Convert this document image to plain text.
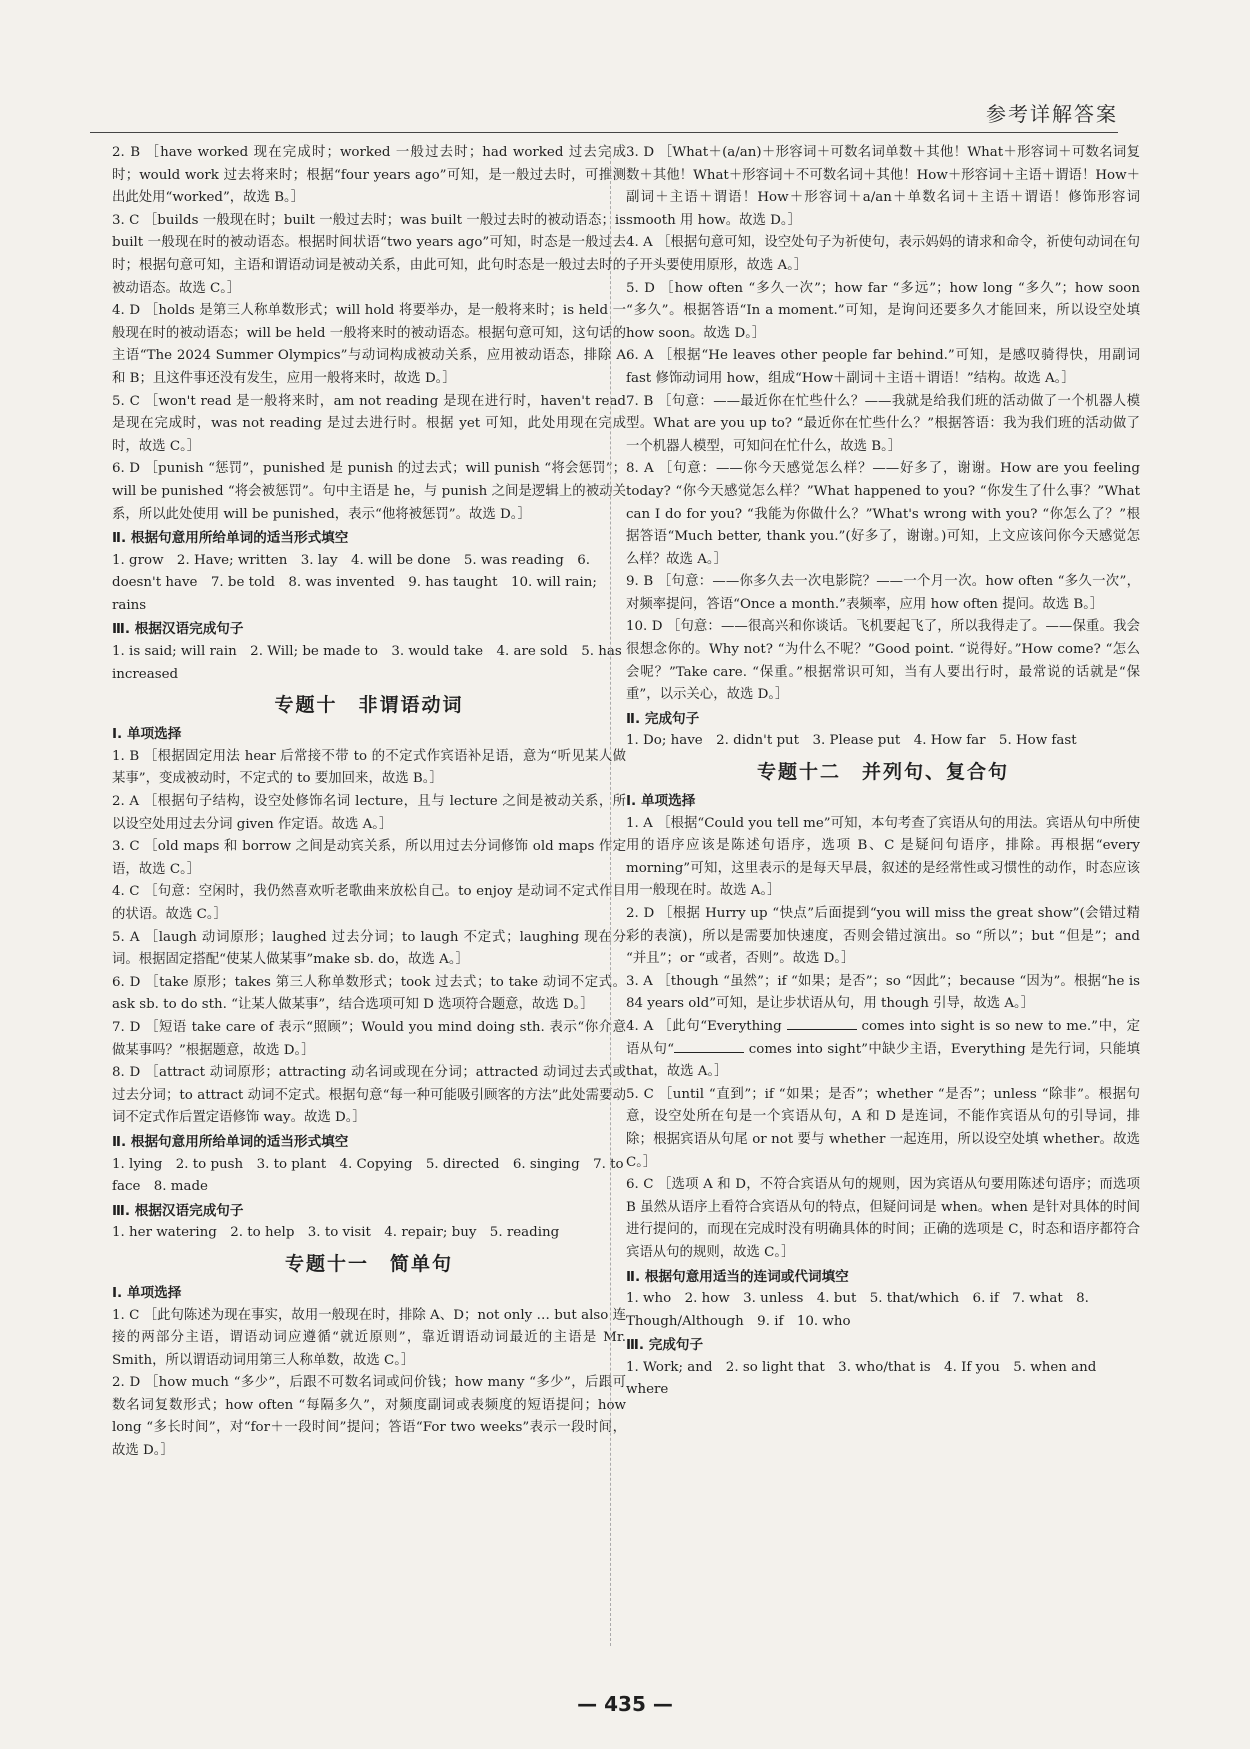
参考详解答案

2. B ［have worked 现在完成时；worked 一般过去时；had worked 过去完成时；would work 过去将来时；根据“four years ago”可知，是一般过去时，可推测出此处用“worked”，故选 B。］

3. C ［builds 一般现在时；built 一般过去时；was built 一般过去时的被动语态；is built 一般现在时的被动语态。根据时间状语“two years ago”可知，时态是一般过去时；根据句意可知，主语和谓语动词是被动关系，由此可知，此句时态是一般过去时的被动语态。故选 C。］

4. D ［holds 是第三人称单数形式；will hold 将要举办，是一般将来时；is held 一般现在时的被动语态；will be held 一般将来时的被动语态。根据句意可知，这句话的主语“The 2024 Summer Olympics”与动词构成被动关系，应用被动语态，排除 A 和 B；且这件事还没有发生，应用一般将来时，故选 D。］

5. C ［won't read 是一般将来时，am not reading 是现在进行时，haven't read 是现在完成时，was not reading 是过去进行时。根据 yet 可知，此处用现在完成时，故选 C。］

6. D ［punish “惩罚”，punished 是 punish 的过去式；will punish “将会惩罚”；will be punished “将会被惩罚”。句中主语是 he，与 punish 之间是逻辑上的被动关系，所以此处使用 will be punished，表示“他将被惩罚”。故选 D。］

Ⅱ. 根据句意用所给单词的适当形式填空

1. grow　2. Have; written　3. lay　4. will be done　5. was reading　6. doesn't have　7. be told　8. was invented　9. has taught　10. will rain; rains

Ⅲ. 根据汉语完成句子

1. is said; will rain　2. Will; be made to　3. would take　4. are sold　5. has increased

专题十　非谓语动词

Ⅰ. 单项选择

1. B ［根据固定用法 hear 后常接不带 to 的不定式作宾语补足语，意为“听见某人做某事”，变成被动时，不定式的 to 要加回来，故选 B。］

2. A ［根据句子结构，设空处修饰名词 lecture，且与 lecture 之间是被动关系，所以设空处用过去分词 given 作定语。故选 A。］

3. C ［old maps 和 borrow 之间是动宾关系，所以用过去分词修饰 old maps 作定语，故选 C。］

4. C ［句意：空闲时，我仍然喜欢听老歌曲来放松自己。to enjoy 是动词不定式作目的状语。故选 C。］

5. A ［laugh 动词原形；laughed 过去分词；to laugh 不定式；laughing 现在分词。根据固定搭配“使某人做某事”make sb. do，故选 A。］

6. D ［take 原形；takes 第三人称单数形式；took 过去式；to take 动词不定式。ask sb. to do sth. “让某人做某事”，结合选项可知 D 选项符合题意，故选 D。］

7. D ［短语 take care of 表示“照顾”；Would you mind doing sth. 表示“你介意做某事吗？”根据题意，故选 D。］

8. D ［attract 动词原形；attracting 动名词或现在分词；attracted 动词过去式或过去分词；to attract 动词不定式。根据句意“每一种可能吸引顾客的方法”此处需要动词不定式作后置定语修饰 way。故选 D。］

Ⅱ. 根据句意用所给单词的适当形式填空

1. lying　2. to push　3. to plant　4. Copying　5. directed　6. singing　7. to face　8. made

Ⅲ. 根据汉语完成句子

1. her watering　2. to help　3. to visit　4. repair; buy　5. reading

专题十一　简单句

Ⅰ. 单项选择

1. C ［此句陈述为现在事实，故用一般现在时，排除 A、D；not only … but also 连接的两部分主语，谓语动词应遵循“就近原则”，靠近谓语动词最近的主语是 Mr. Smith，所以谓语动词用第三人称单数，故选 C。］

2. D ［how much “多少”，后跟不可数名词或问价钱；how many “多少”，后跟可数名词复数形式；how often “每隔多久”，对频度副词或表频度的短语提问；how long “多长时间”，对“for＋一段时间”提问；答语“For two weeks”表示一段时间，故选 D。］

3. D ［What＋(a/an)＋形容词＋可数名词单数＋其他！What＋形容词＋可数名词复数＋其他！What＋形容词＋不可数名词＋其他！How＋形容词＋主语＋谓语！How＋副词＋主语＋谓语！How＋形容词＋a/an＋单数名词＋主语＋谓语！修饰形容词 smooth 用 how。故选 D。］

4. A ［根据句意可知，设空处句子为祈使句，表示妈妈的请求和命令，祈使句动词在句子开头要使用原形，故选 A。］

5. D ［how often “多久一次”；how far “多远”；how long “多久”；how soon “多久”。根据答语“In a moment.”可知，是询问还要多久才能回来，所以设空处填 how soon。故选 D。］

6. A ［根据“He leaves other people far behind.”可知，是感叹骑得快，用副词 fast 修饰动词用 how，组成“How＋副词＋主语＋谓语！”结构。故选 A。］

7. B ［句意：——最近你在忙些什么？——我就是给我们班的活动做了一个机器人模型。What are you up to? “最近你在忙些什么？”根据答语：我为我们班的活动做了一个机器人模型，可知问在忙什么，故选 B。］

8. A ［句意：——你今天感觉怎么样？——好多了，谢谢。How are you feeling today? “你今天感觉怎么样？”What happened to you? “你发生了什么事？”What can I do for you? “我能为你做什么？”What's wrong with you? “你怎么了？”根据答语“Much better, thank you.”(好多了，谢谢。)可知，上文应该问你今天感觉怎么样？故选 A。］

9. B ［句意：——你多久去一次电影院？——一个月一次。how often “多久一次”，对频率提问，答语“Once a month.”表频率，应用 how often 提问。故选 B。］

10. D ［句意：——很高兴和你谈话。飞机要起飞了，所以我得走了。——保重。我会很想念你的。Why not? “为什么不呢？”Good point. “说得好。”How come? “怎么会呢？”Take care. “保重。”根据常识可知，当有人要出行时，最常说的话就是“保重”，以示关心，故选 D。］

Ⅱ. 完成句子

1. Do; have　2. didn't put　3. Please put　4. How far　5. How fast

专题十二　并列句、复合句

Ⅰ. 单项选择

1. A ［根据“Could you tell me”可知，本句考查了宾语从句的用法。宾语从句中所使用的语序应该是陈述句语序，选项 B、C 是疑问句语序，排除。再根据“every morning”可知，这里表示的是每天早晨，叙述的是经常性或习惯性的动作，时态应该用一般现在时。故选 A。］

2. D ［根据 Hurry up “快点”后面提到“you will miss the great show”(会错过精彩的表演)，所以是需要加快速度，否则会错过演出。so “所以”；but “但是”；and “并且”；or “或者，否则”。故选 D。］

3. A ［though “虽然”；if “如果；是否”；so “因此”；because “因为”。根据“he is 84 years old”可知，是让步状语从句，用 though 引导，故选 A。］

4. A ［此句“Everything	comes into sight is so new to me.”中，定语从句“	comes into sight”中缺少主语，Everything 是先行词，只能填 that，故选 A。］

5. C ［until “直到”；if “如果；是否”；whether “是否”；unless “除非”。根据句意，设空处所在句是一个宾语从句，A 和 D 是连词，不能作宾语从句的引导词，排除；根据宾语从句尾 or not 要与 whether 一起连用，所以设空处填 whether。故选 C。］

6. C ［选项 A 和 D，不符合宾语从句的规则，因为宾语从句要用陈述句语序；而选项 B 虽然从语序上看符合宾语从句的特点，但疑问词是 when。when 是针对具体的时间进行提问的，而现在完成时没有明确具体的时间；正确的选项是 C，时态和语序都符合宾语从句的规则，故选 C。］

Ⅱ. 根据句意用适当的连词或代词填空

1. who　2. how　3. unless　4. but　5. that/which　6. if　7. what　8. Though/Although　9. if　10. who

Ⅲ. 完成句子

1. Work; and　2. so light that　3. who/that is　4. If you　5. when and where

— 435 —
